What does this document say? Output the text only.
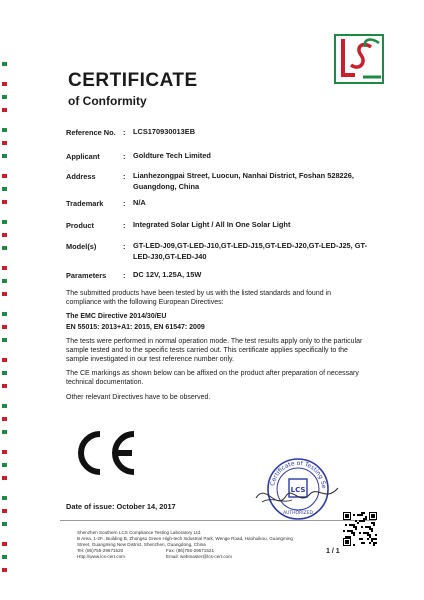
CERTIFICATE
of Conformity
Reference No. : LCS170930013EB
Applicant	: Goldture Tech Limited
Address	: Lianhezongpai Street, Luocun, Nanhai District, Foshan 528226, Guangdong, China
Trademark	: N/A
Product	: Integrated Solar Light / All In One Solar Light
Model(s)	: GT-LED-J09,GT-LED-J10,GT-LED-J15,GT-LED-J20,GT-LED-J25, GT-LED-J30,GT-LED-J40
Parameters : DC 12V, 1.25A, 15W
The submitted products have been tested by us with the listed standards and found in compliance with the following European Directives:
The EMC Directive 2014/30/EU
EN 55015: 2013+A1: 2015, EN 61547: 2009
The tests were performed in normal operation mode. The test results apply only to the particular sample tested and to the specific tests carried out. This certificate applies specifically to the sample investigated in our test reference number only.
The CE markings as shown below can be affixed on the product after preparation of necessary technical documentation.
Other relevant Directives have to be observed.
Certificate of Testing Se
LCS
AUTHORIZED
Date of issue: October 14, 2017
Shenzhen Southern LCS Compliance Testing Laboratory Ltd.
B Area, 1-2F., Building B, Zhongsu Green High-tech Industrial Park, Wenge Road, Haohuikou, Guangming
Street, Guangming New District, Shenzhen, Guangdong, China
Tel: (86)755-29671520	Fax: (86)755-29671521
Http://www.lcs-cert.com	Email: webmaster@lcs-cert.com
1 / 1
